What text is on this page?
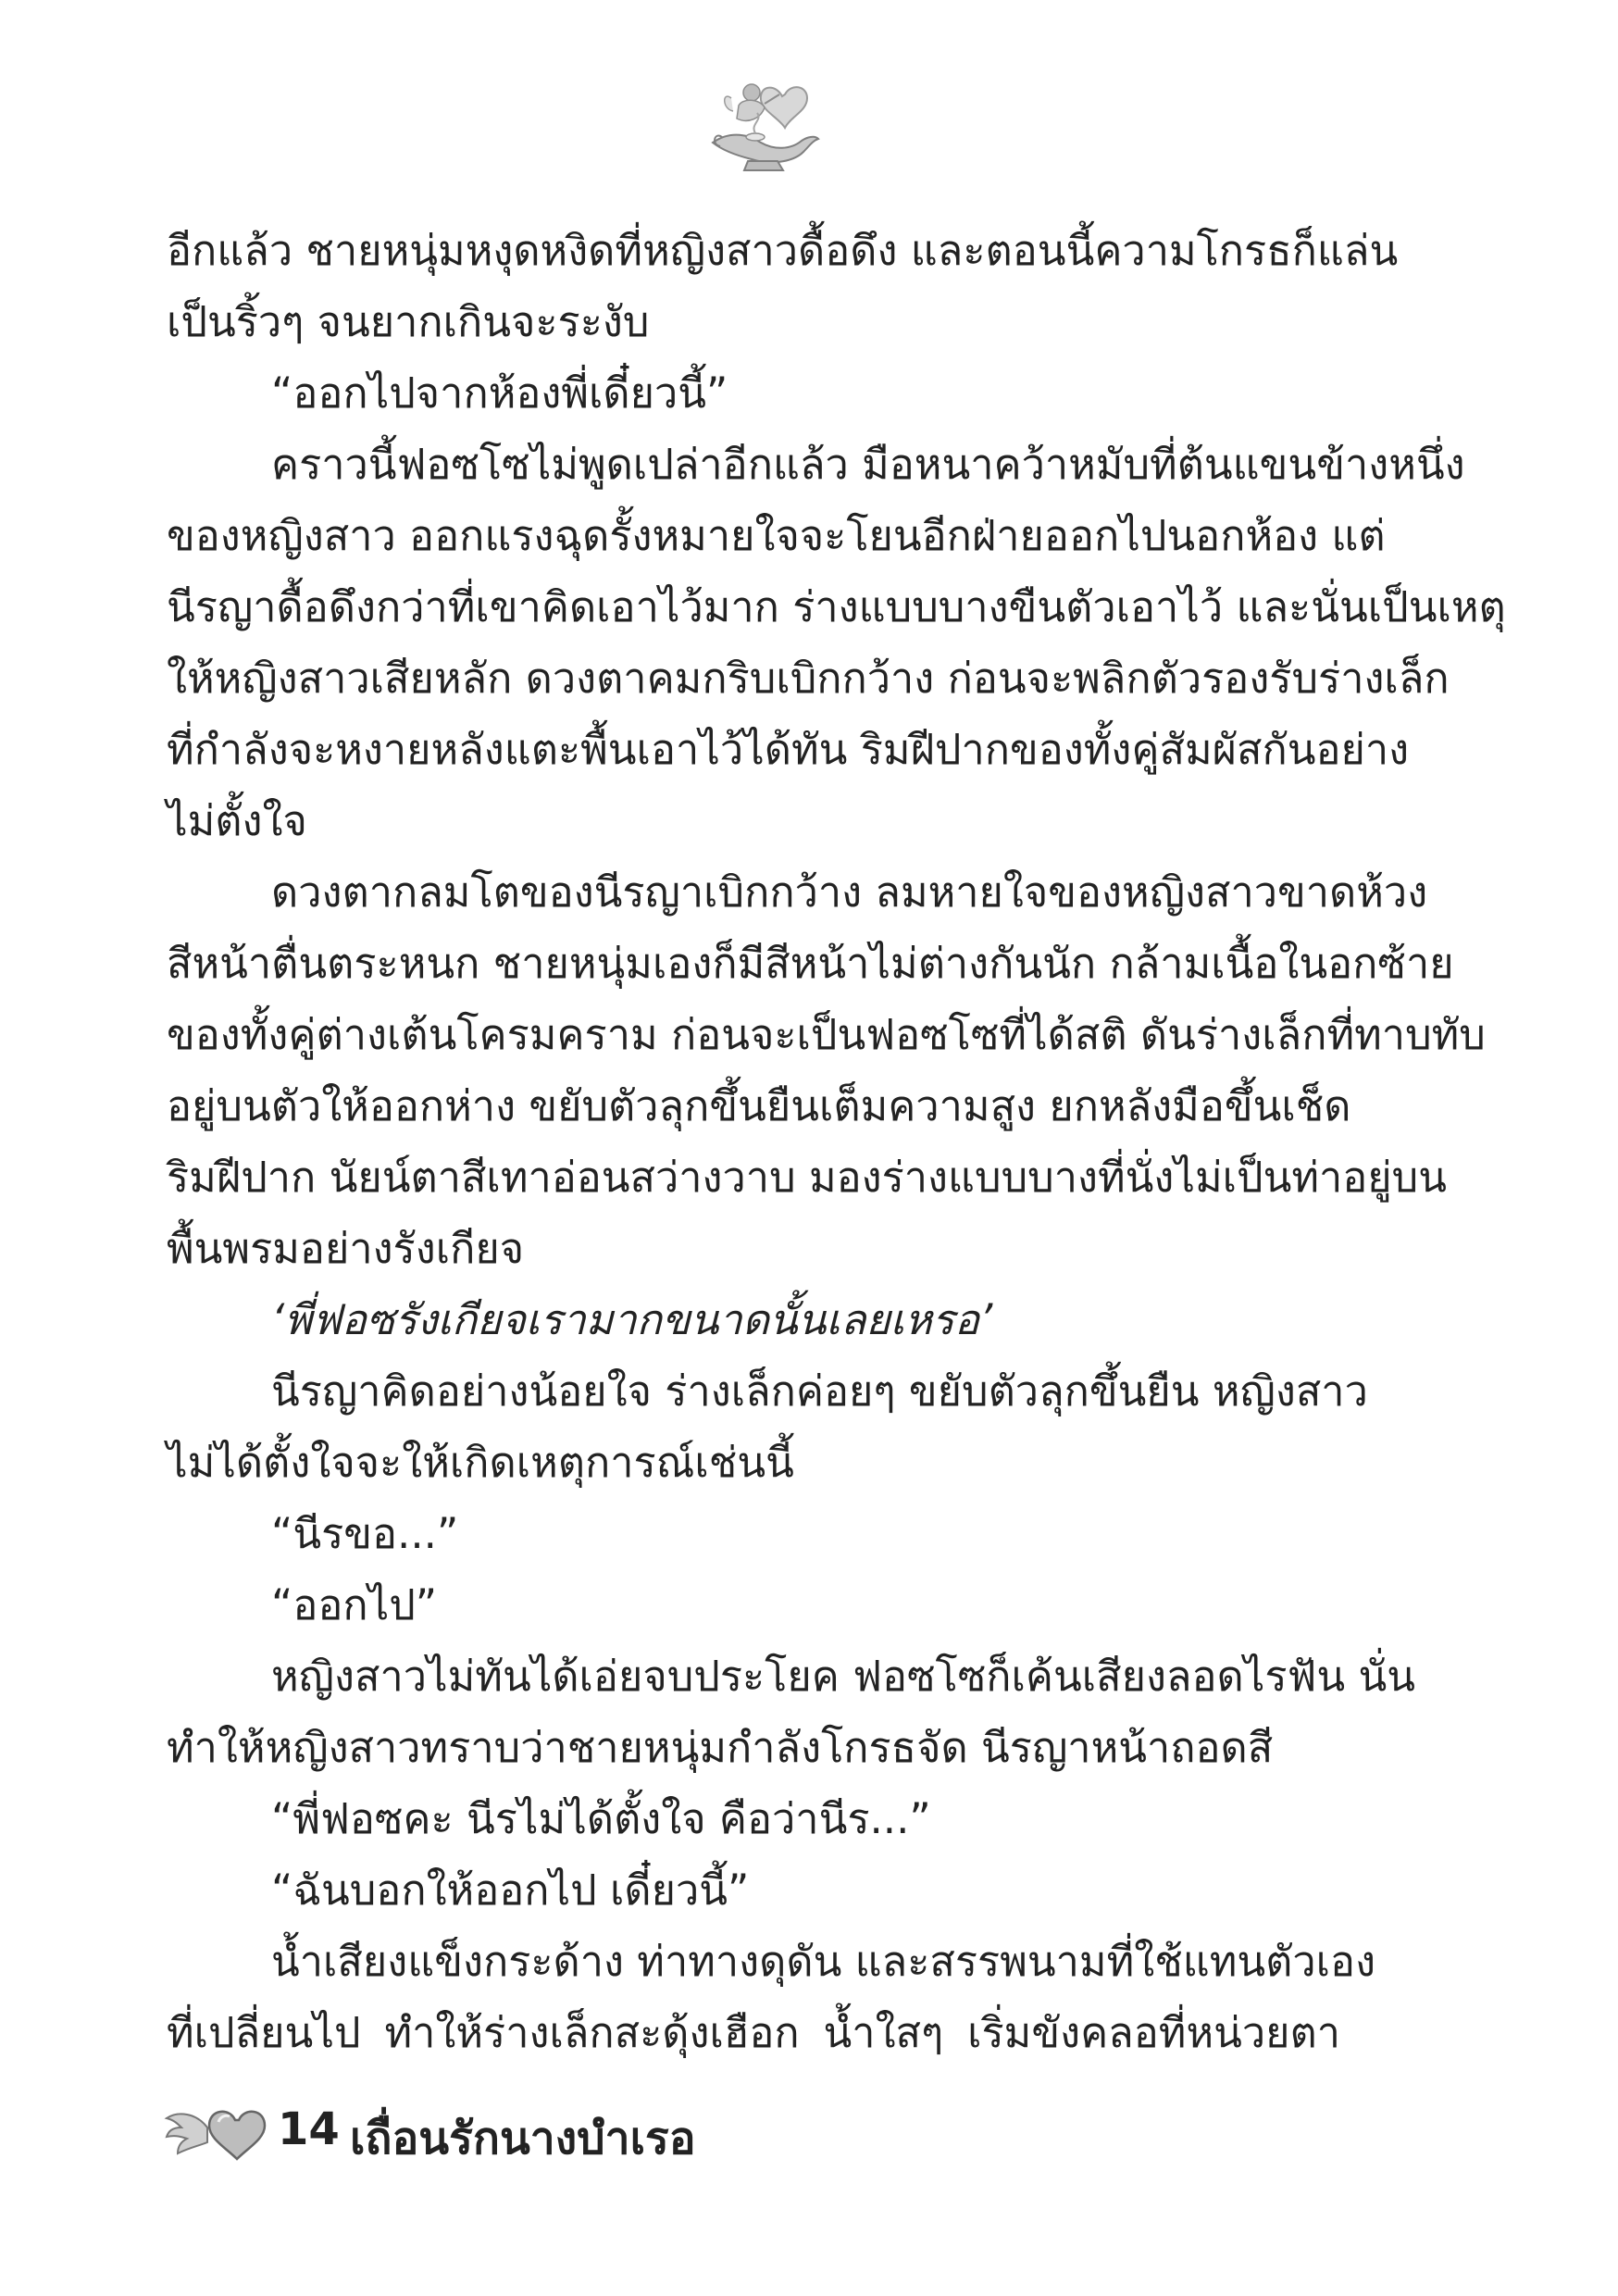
อีกแล้ว ชายหนุ่มหงุดหงิดที่หญิงสาวดื้อดึง และตอนนี้ความโกรธก็แล่น

เป็นริ้วๆ จนยากเกินจะระงับ

“ออกไปจากห้องพี่เดี๋ยวนี้”

คราวนี้ฟอซโซไม่พูดเปล่าอีกแล้ว มือหนาคว้าหมับที่ต้นแขนข้างหนึ่ง

ของหญิงสาว ออกแรงฉุดรั้งหมายใจจะโยนอีกฝ่ายออกไปนอกห้อง แต่

นีรญาดื้อดึงกว่าที่เขาคิดเอาไว้มาก ร่างแบบบางขืนตัวเอาไว้ และนั่นเป็นเหตุ

ให้หญิงสาวเสียหลัก ดวงตาคมกริบเบิกกว้าง ก่อนจะพลิกตัวรองรับร่างเล็ก

ที่กำลังจะหงายหลังแตะพื้นเอาไว้ได้ทัน ริมฝีปากของทั้งคู่สัมผัสกันอย่าง

ไม่ตั้งใจ

ดวงตากลมโตของนีรญาเบิกกว้าง ลมหายใจของหญิงสาวขาดห้วง

สีหน้าตื่นตระหนก ชายหนุ่มเองก็มีสีหน้าไม่ต่างกันนัก กล้ามเนื้อในอกซ้าย

ของทั้งคู่ต่างเต้นโครมคราม ก่อนจะเป็นฟอซโซที่ได้สติ ดันร่างเล็กที่ทาบทับ

อยู่บนตัวให้ออกห่าง ขยับตัวลุกขึ้นยืนเต็มความสูง ยกหลังมือขึ้นเช็ด

ริมฝีปาก นัยน์ตาสีเทาอ่อนสว่างวาบ มองร่างแบบบางที่นั่งไม่เป็นท่าอยู่บน

พื้นพรมอย่างรังเกียจ

‘พี่ฟอซรังเกียจเรามากขนาดนั้นเลยเหรอ’

นีรญาคิดอย่างน้อยใจ ร่างเล็กค่อยๆ ขยับตัวลุกขึ้นยืน หญิงสาว

ไม่ได้ตั้งใจจะให้เกิดเหตุการณ์เช่นนี้

“นีรขอ...”

“ออกไป”

หญิงสาวไม่ทันได้เอ่ยจบประโยค ฟอซโซก็เค้นเสียงลอดไรฟัน นั่น

ทำให้หญิงสาวทราบว่าชายหนุ่มกำลังโกรธจัด นีรญาหน้าถอดสี

“พี่ฟอซคะ นีรไม่ได้ตั้งใจ คือว่านีร...”

“ฉันบอกให้ออกไป เดี๋ยวนี้”

น้ำเสียงแข็งกระด้าง ท่าทางดุดัน และสรรพนามที่ใช้แทนตัวเอง

ที่เปลี่ยนไป ทำให้ร่างเล็กสะดุ้งเฮือก น้ำใสๆ เริ่มขังคลอที่หน่วยตา

14 เถื่อนรักนางบำเรอ
